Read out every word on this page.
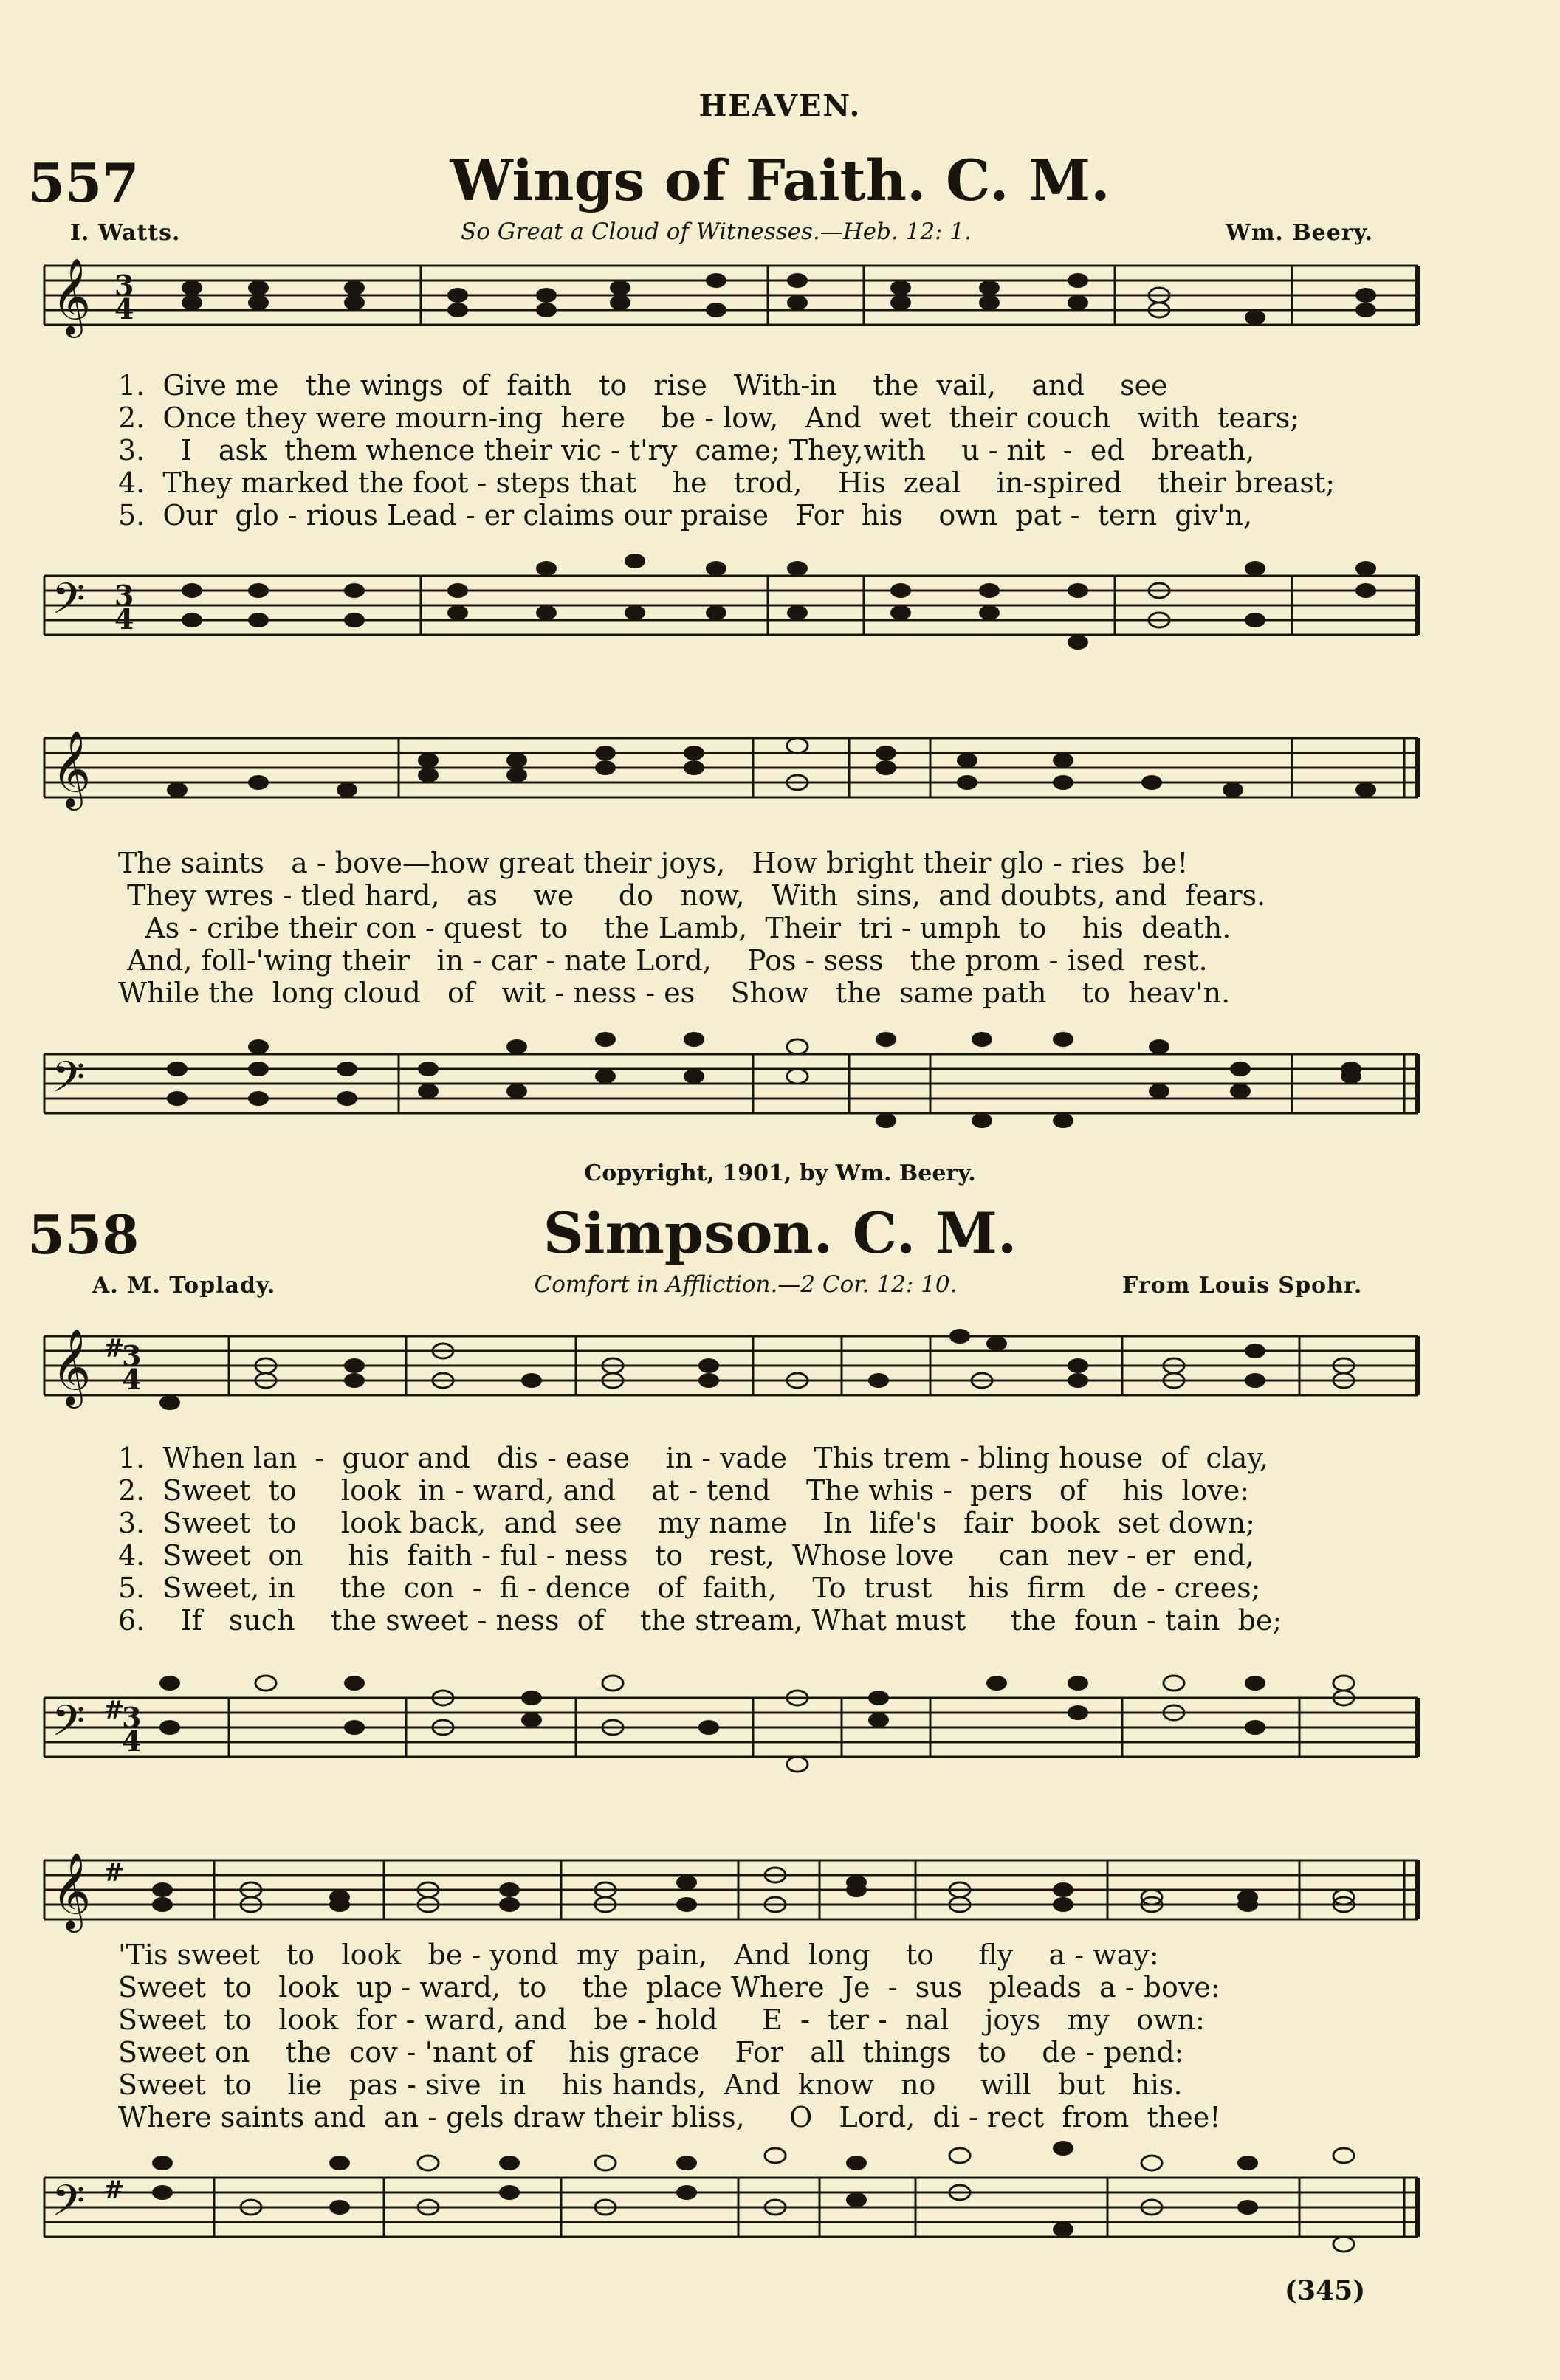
HEAVEN.
557	Wings of Faith. C. M.
I. Watts.	So Great a Cloud of Witnesses.—Heb. 12: 1.	Wm. Beery.
𝄞 3
4
1.  Give me   the wings  of  faith   to   rise   With-in    the  vail,    and    see
2.  Once they were mourn-ing  here    be - low,   And  wet  their couch   with  tears;
3.    I   ask  them whence their vic - t'ry  came; They,with    u - nit  -  ed   breath,
4.  They marked the foot - steps that    he   trod,    His  zeal    in-spired    their breast;
5.  Our  glo - rious Lead - er claims our praise   For  his    own  pat -  tern  giv'n,
𝄢 3
4
𝄞
The saints   a - bove—how great their joys,   How bright their glo - ries  be!
They wres - tled hard,   as    we     do   now,   With  sins,  and doubts, and  fears.
As - cribe their con - quest  to    the Lamb,  Their  tri - umph  to    his  death.
And, foll-'wing their   in - car - nate Lord,    Pos - sess   the prom - ised  rest.
While the  long cloud   of   wit - ness - es    Show   the  same path    to  heav'n.
𝄢
Copyright, 1901, by Wm. Beery.
558	Simpson. C. M.
A. M. Toplady.	Comfort in Affliction.—2 Cor. 12: 10.	From Louis Spohr.
𝄞 #
3
4
1.  When lan  -  guor and   dis - ease    in - vade   This trem - bling house  of  clay,
2.  Sweet  to     look  in - ward, and    at - tend    The whis -  pers   of    his  love:
3.  Sweet  to     look back,  and  see    my name    In  life's   fair  book  set down;
4.  Sweet  on     his  faith - ful - ness   to   rest,  Whose love     can  nev - er  end,
5.  Sweet, in     the  con  -  fi - dence   of  faith,    To  trust    his  firm   de - crees;
6.    If   such    the sweet - ness  of    the stream, What must     the  foun - tain  be;
𝄢 #
3
4
𝄞 #
'Tis sweet   to   look   be - yond  my  pain,   And  long    to     fly    a - way:
Sweet  to   look  up - ward,  to    the  place Where  Je  -  sus   pleads  a - bove:
Sweet  to   look  for - ward, and   be - hold     E  -  ter -  nal    joys   my   own:
Sweet on    the  cov - 'nant of    his grace    For   all  things   to    de - pend:
Sweet  to    lie   pas - sive  in    his hands,  And  know   no     will   but   his.
Where saints and  an - gels draw their bliss,     O   Lord,  di - rect  from  thee!
𝄢 #
(345)
